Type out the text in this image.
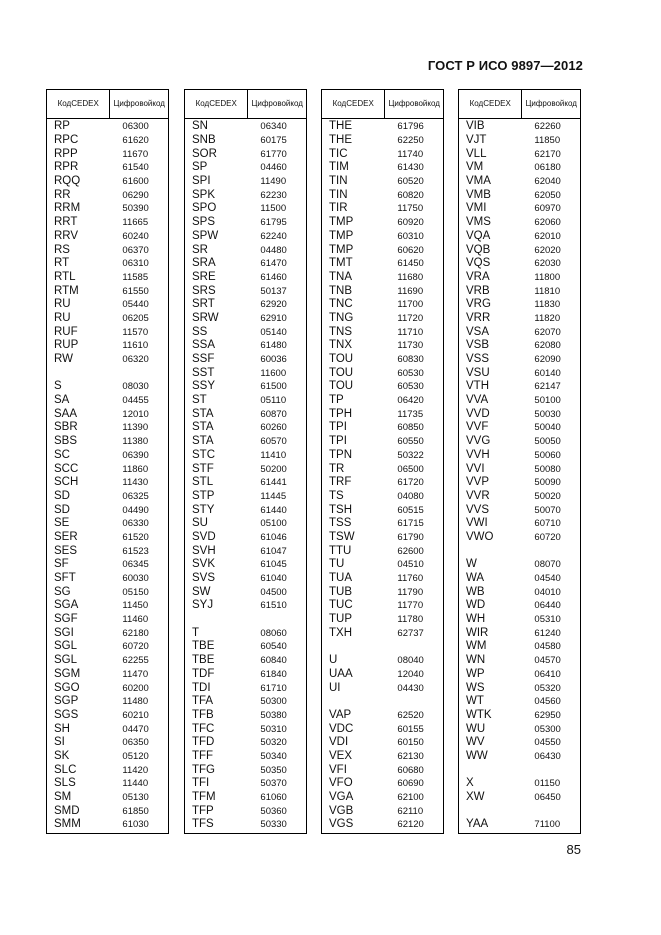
ГОСТ Р ИСО 9897—2012
Код CEDEX Цифровой код
RP	06300
RPC	61620
RPP	11670
RPR	61540
RQQ	61600
RR	06290
RRM	50390
RRT	11665
RRV	60240
RS	06370
RT	06310
RTL	11585
RTM	61550
RU	05440
RU	06205
RUF	11570
RUP	11610
RW	06320
S	08030
SA	04455
SAA	12010
SBR	11390
SBS	11380
SC	06390
SCC	11860
SCH	11430
SD	06325
SD	04490
SE	06330
SER	61520
SES	61523
SF	06345
SFT	60030
SG	05150
SGA	11450
SGF	11460
SGI	62180
SGL	60720
SGL	62255
SGM	11470
SGO	60200
SGP	11480
SGS	60210
SH	04470
SI	06350
SK	05120
SLC	11420
SLS	11440
SM	05130
SMD	61850
SMM	61030
Код CEDEX Цифровой код
SN	06340
SNB	60175
SOR	61770
SP	04460
SPI	11490
SPK	62230
SPO	11500
SPS	61795
SPW	62240
SR	04480
SRA	61470
SRE	61460
SRS	50137
SRT	62920
SRW	62910
SS	05140
SSA	61480
SSF	60036
SST	11600
SSY	61500
ST	05110
STA	60870
STA	60260
STA	60570
STC	11410
STF	50200
STL	61441
STP	11445
STY	61440
SU	05100
SVD	61046
SVH	61047
SVK	61045
SVS	61040
SW	04500
SYJ	61510
T	08060
TBE	60540
TBE	60840
TDF	61840
TDI	61710
TFA	50300
TFB	50380
TFC	50310
TFD	50320
TFF	50340
TFG	50350
TFI	50370
TFM	61060
TFP	50360
TFS	50330
Код CEDEX Цифровой код
THE	61796
THE	62250
TIC	11740
TIM	61430
TIN	60520
TIN	60820
TIR	11750
TMP	60920
TMP	60310
TMP	60620
TMT	61450
TNA	11680
TNB	11690
TNC	11700
TNG	11720
TNS	11710
TNX	11730
TOU	60830
TOU	60530
TOU	60530
TP	06420
TPH	11735
TPI	60850
TPI	60550
TPN	50322
TR	06500
TRF	61720
TS	04080
TSH	60515
TSS	61715
TSW	61790
TTU	62600
TU	04510
TUA	11760
TUB	11790
TUC	11770
TUP	11780
TXH	62737
U	08040
UAA	12040
UI	04430
VAP	62520
VDC	60155
VDI	60150
VEX	62130
VFI	60680
VFO	60690
VGA	62100
VGB	62110
VGS	62120
Код CEDEX Цифровой код
VIB	62260
VJT	11850
VLL	62170
VM	06180
VMA	62040
VMB	62050
VMI	60970
VMS	62060
VQA	62010
VQB	62020
VQS	62030
VRA	11800
VRB	11810
VRG	11830
VRR	11820
VSA	62070
VSB	62080
VSS	62090
VSU	60140
VTH	62147
VVA	50100
VVD	50030
VVF	50040
VVG	50050
VVH	50060
VVI	50080
VVP	50090
VVR	50020
VVS	50070
VWI	60710
VWO	60720
W	08070
WA	04540
WB	04010
WD	06440
WH	05310
WIR	61240
WM	04580
WN	04570
WP	06410
WS	05320
WT	04560
WTK	62950
WU	05300
WV	04550
WW	06430
X	01150
XW	06450
YAA	71100
85
